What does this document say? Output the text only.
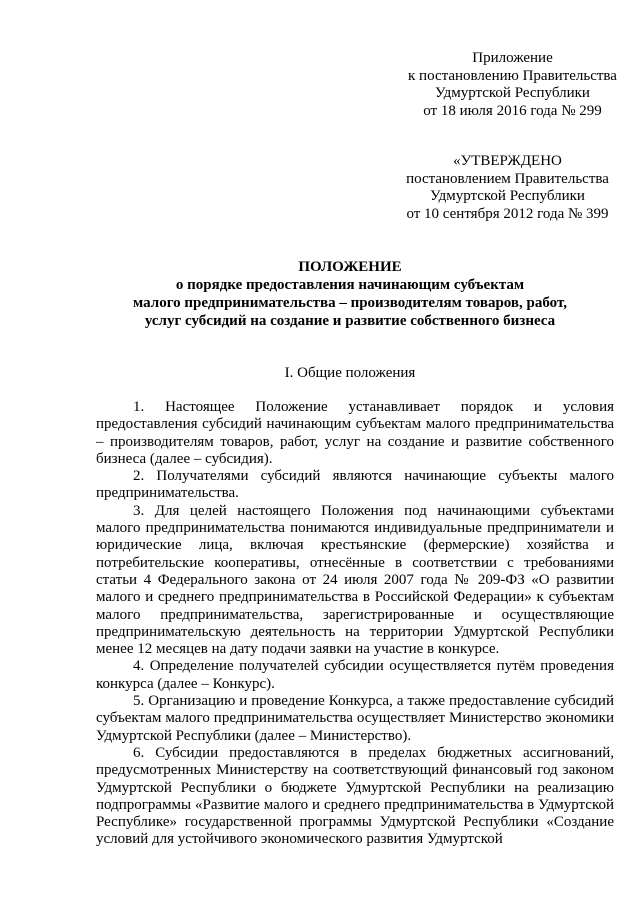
Приложение
к постановлению Правительства
Удмуртской Республики
от 18 июля 2016 года № 299
«УТВЕРЖДЕНО
постановлением Правительства
Удмуртской Республики
от 10 сентября 2012 года № 399
ПОЛОЖЕНИЕ
о порядке предоставления начинающим субъектам
малого предпринимательства – производителям товаров, работ,
услуг субсидий на создание и развитие собственного бизнеса
I. Общие положения

1. Настоящее Положение устанавливает порядок и условия предоставления субсидий начинающим субъектам малого предпринимательства – производителям товаров, работ, услуг на создание и развитие собственного бизнеса (далее – субсидия).

2. Получателями субсидий являются начинающие субъекты малого предпринимательства.

3. Для целей настоящего Положения под начинающими субъектами малого предпринимательства понимаются индивидуальные предприниматели и юридические лица, включая крестьянские (фермерские) хозяйства и потребительские кооперативы, отнесённые в соответствии с требованиями статьи 4 Федерального закона от 24 июля 2007 года № 209-ФЗ «О развитии малого и среднего предпринимательства в Российской Федерации» к субъектам малого предпринимательства, зарегистрированные и осуществляющие предпринимательскую деятельность на территории Удмуртской Республики менее 12 месяцев на дату подачи заявки на участие в конкурсе.

4. Определение получателей субсидии осуществляется путём проведения конкурса (далее – Конкурс).

5. Организацию и проведение Конкурса, а также предоставление субсидий субъектам малого предпринимательства осуществляет Министерство экономики Удмуртской Республики (далее – Министерство).

6. Субсидии предоставляются в пределах бюджетных ассигнований, предусмотренных Министерству на соответствующий финансовый год законом Удмуртской Республики о бюджете Удмуртской Республики на реализацию подпрограммы «Развитие малого и среднего предпринимательства в Удмуртской Республике» государственной программы Удмуртской Республики «Создание условий для устойчивого экономического развития Удмуртской
